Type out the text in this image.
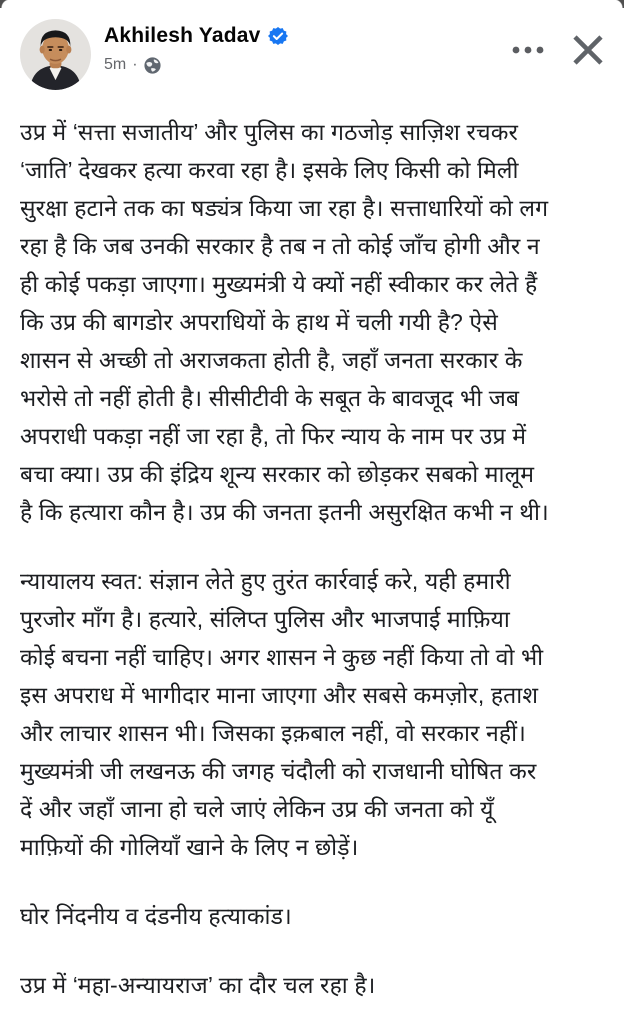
Akhilesh Yadav
5m ·

उप्र में ‘सत्ता सजातीय’ और पुलिस का गठजोड़ साज़िश रचकर
‘जाति’ देखकर हत्या करवा रहा है। इसके लिए किसी को मिली
सुरक्षा हटाने तक का षड्यंत्र किया जा रहा है। सत्ताधारियों को लग
रहा है कि जब उनकी सरकार है तब न तो कोई जाँच होगी और न
ही कोई पकड़ा जाएगा। मुख्यमंत्री ये क्यों नहीं स्वीकार कर लेते हैं
कि उप्र की बागडोर अपराधियों के हाथ में चली गयी है? ऐसे
शासन से अच्छी तो अराजकता होती है, जहाँ जनता सरकार के
भरोसे तो नहीं होती है। सीसीटीवी के सबूत के बावजूद भी जब
अपराधी पकड़ा नहीं जा रहा है, तो फिर न्याय के नाम पर उप्र में
बचा क्या। उप्र की इंद्रिय शून्य सरकार को छोड़कर सबको मालूम
है कि हत्यारा कौन है। उप्र की जनता इतनी असुरक्षित कभी न थी।

न्यायालय स्वत: संज्ञान लेते हुए तुरंत कार्रवाई करे, यही हमारी
पुरजोर माँग है। हत्यारे, संलिप्त पुलिस और भाजपाई माफ़िया
कोई बचना नहीं चाहिए। अगर शासन ने कुछ नहीं किया तो वो भी
इस अपराध में भागीदार माना जाएगा और सबसे कमज़ोर, हताश
और लाचार शासन भी। जिसका इक़बाल नहीं, वो सरकार नहीं।
मुख्यमंत्री जी लखनऊ की जगह चंदौली को राजधानी घोषित कर
दें और जहाँ जाना हो चले जाएं लेकिन उप्र की जनता को यूँ
माफ़ियों की गोलियाँ खाने के लिए न छोड़ें।

घोर निंदनीय व दंडनीय हत्याकांड।

उप्र में ‘महा-अन्यायराज’ का दौर चल रहा है।
